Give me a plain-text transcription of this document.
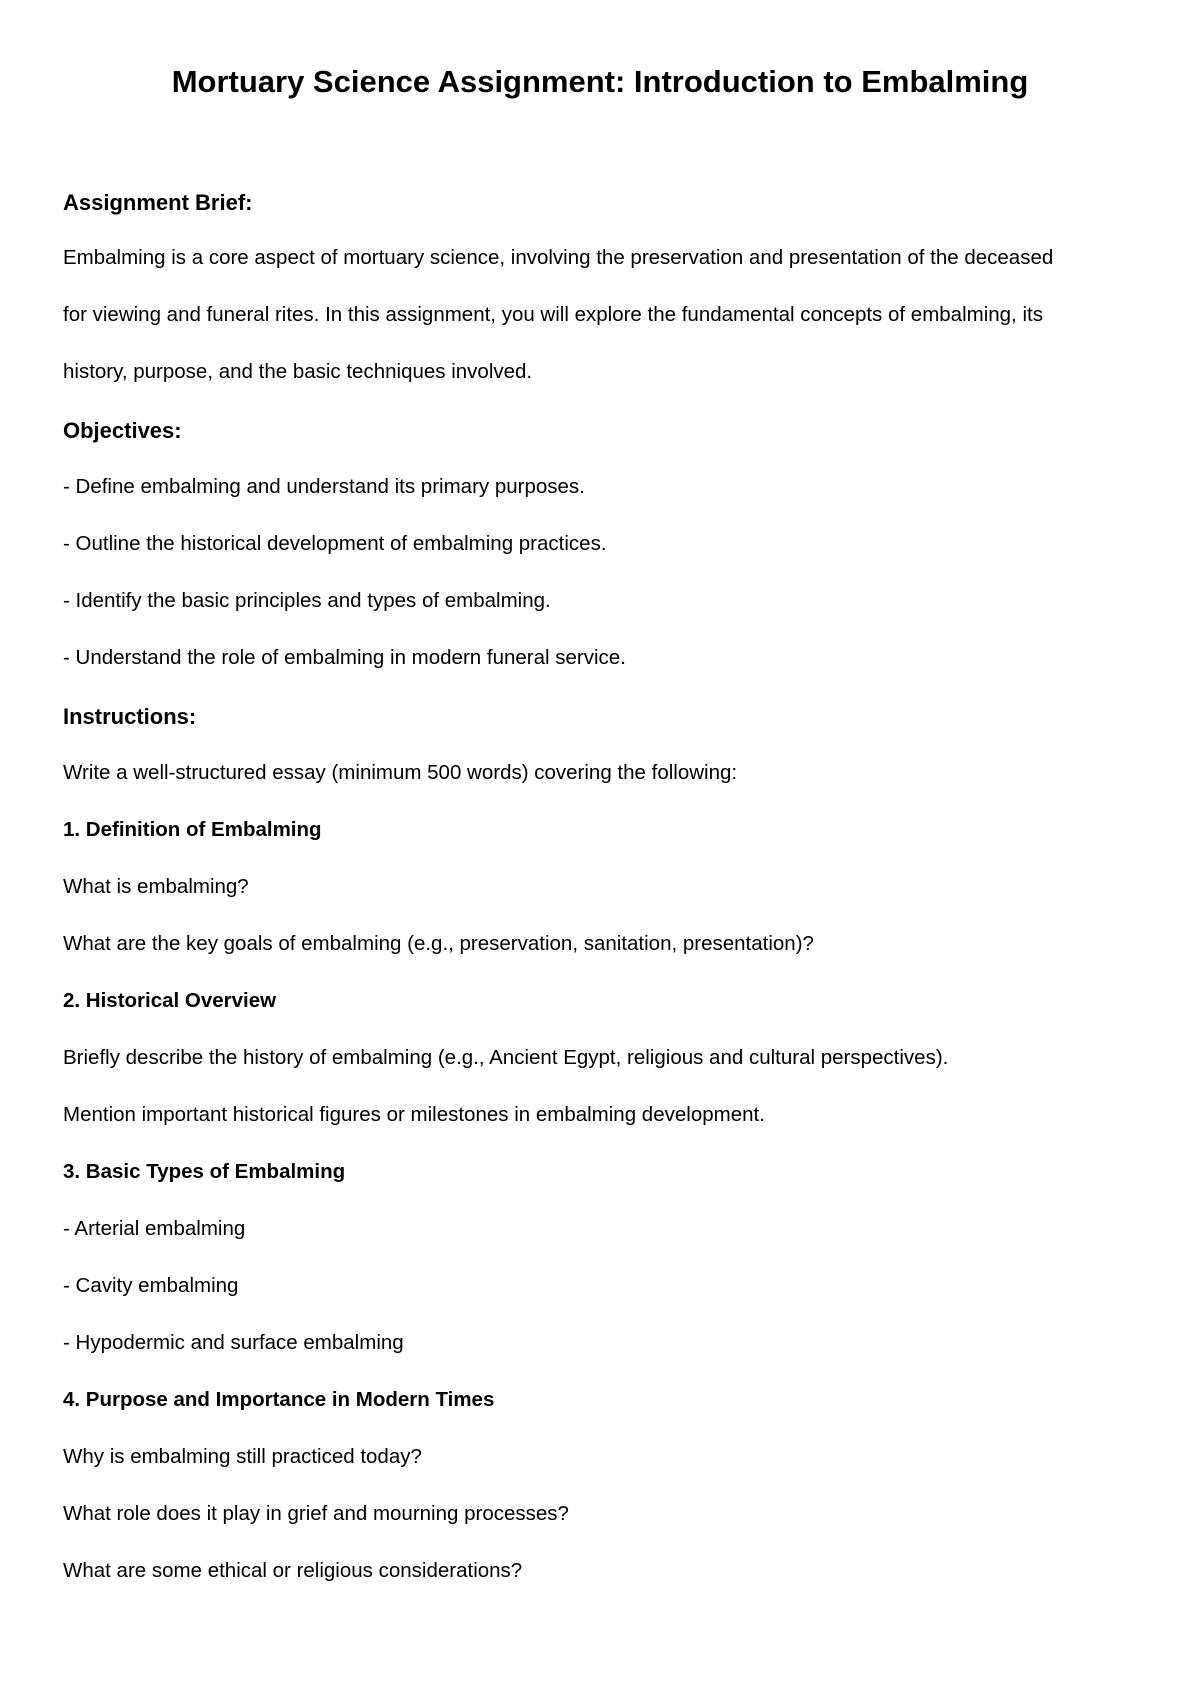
Mortuary Science Assignment: Introduction to Embalming
Assignment Brief:
Embalming is a core aspect of mortuary science, involving the preservation and presentation of the deceased
for viewing and funeral rites. In this assignment, you will explore the fundamental concepts of embalming, its
history, purpose, and the basic techniques involved.
Objectives:
- Define embalming and understand its primary purposes.
- Outline the historical development of embalming practices.
- Identify the basic principles and types of embalming.
- Understand the role of embalming in modern funeral service.
Instructions:
Write a well-structured essay (minimum 500 words) covering the following:
1. Definition of Embalming
What is embalming?
What are the key goals of embalming (e.g., preservation, sanitation, presentation)?
2. Historical Overview
Briefly describe the history of embalming (e.g., Ancient Egypt, religious and cultural perspectives).
Mention important historical figures or milestones in embalming development.
3. Basic Types of Embalming
- Arterial embalming
- Cavity embalming
- Hypodermic and surface embalming
4. Purpose and Importance in Modern Times
Why is embalming still practiced today?
What role does it play in grief and mourning processes?
What are some ethical or religious considerations?
